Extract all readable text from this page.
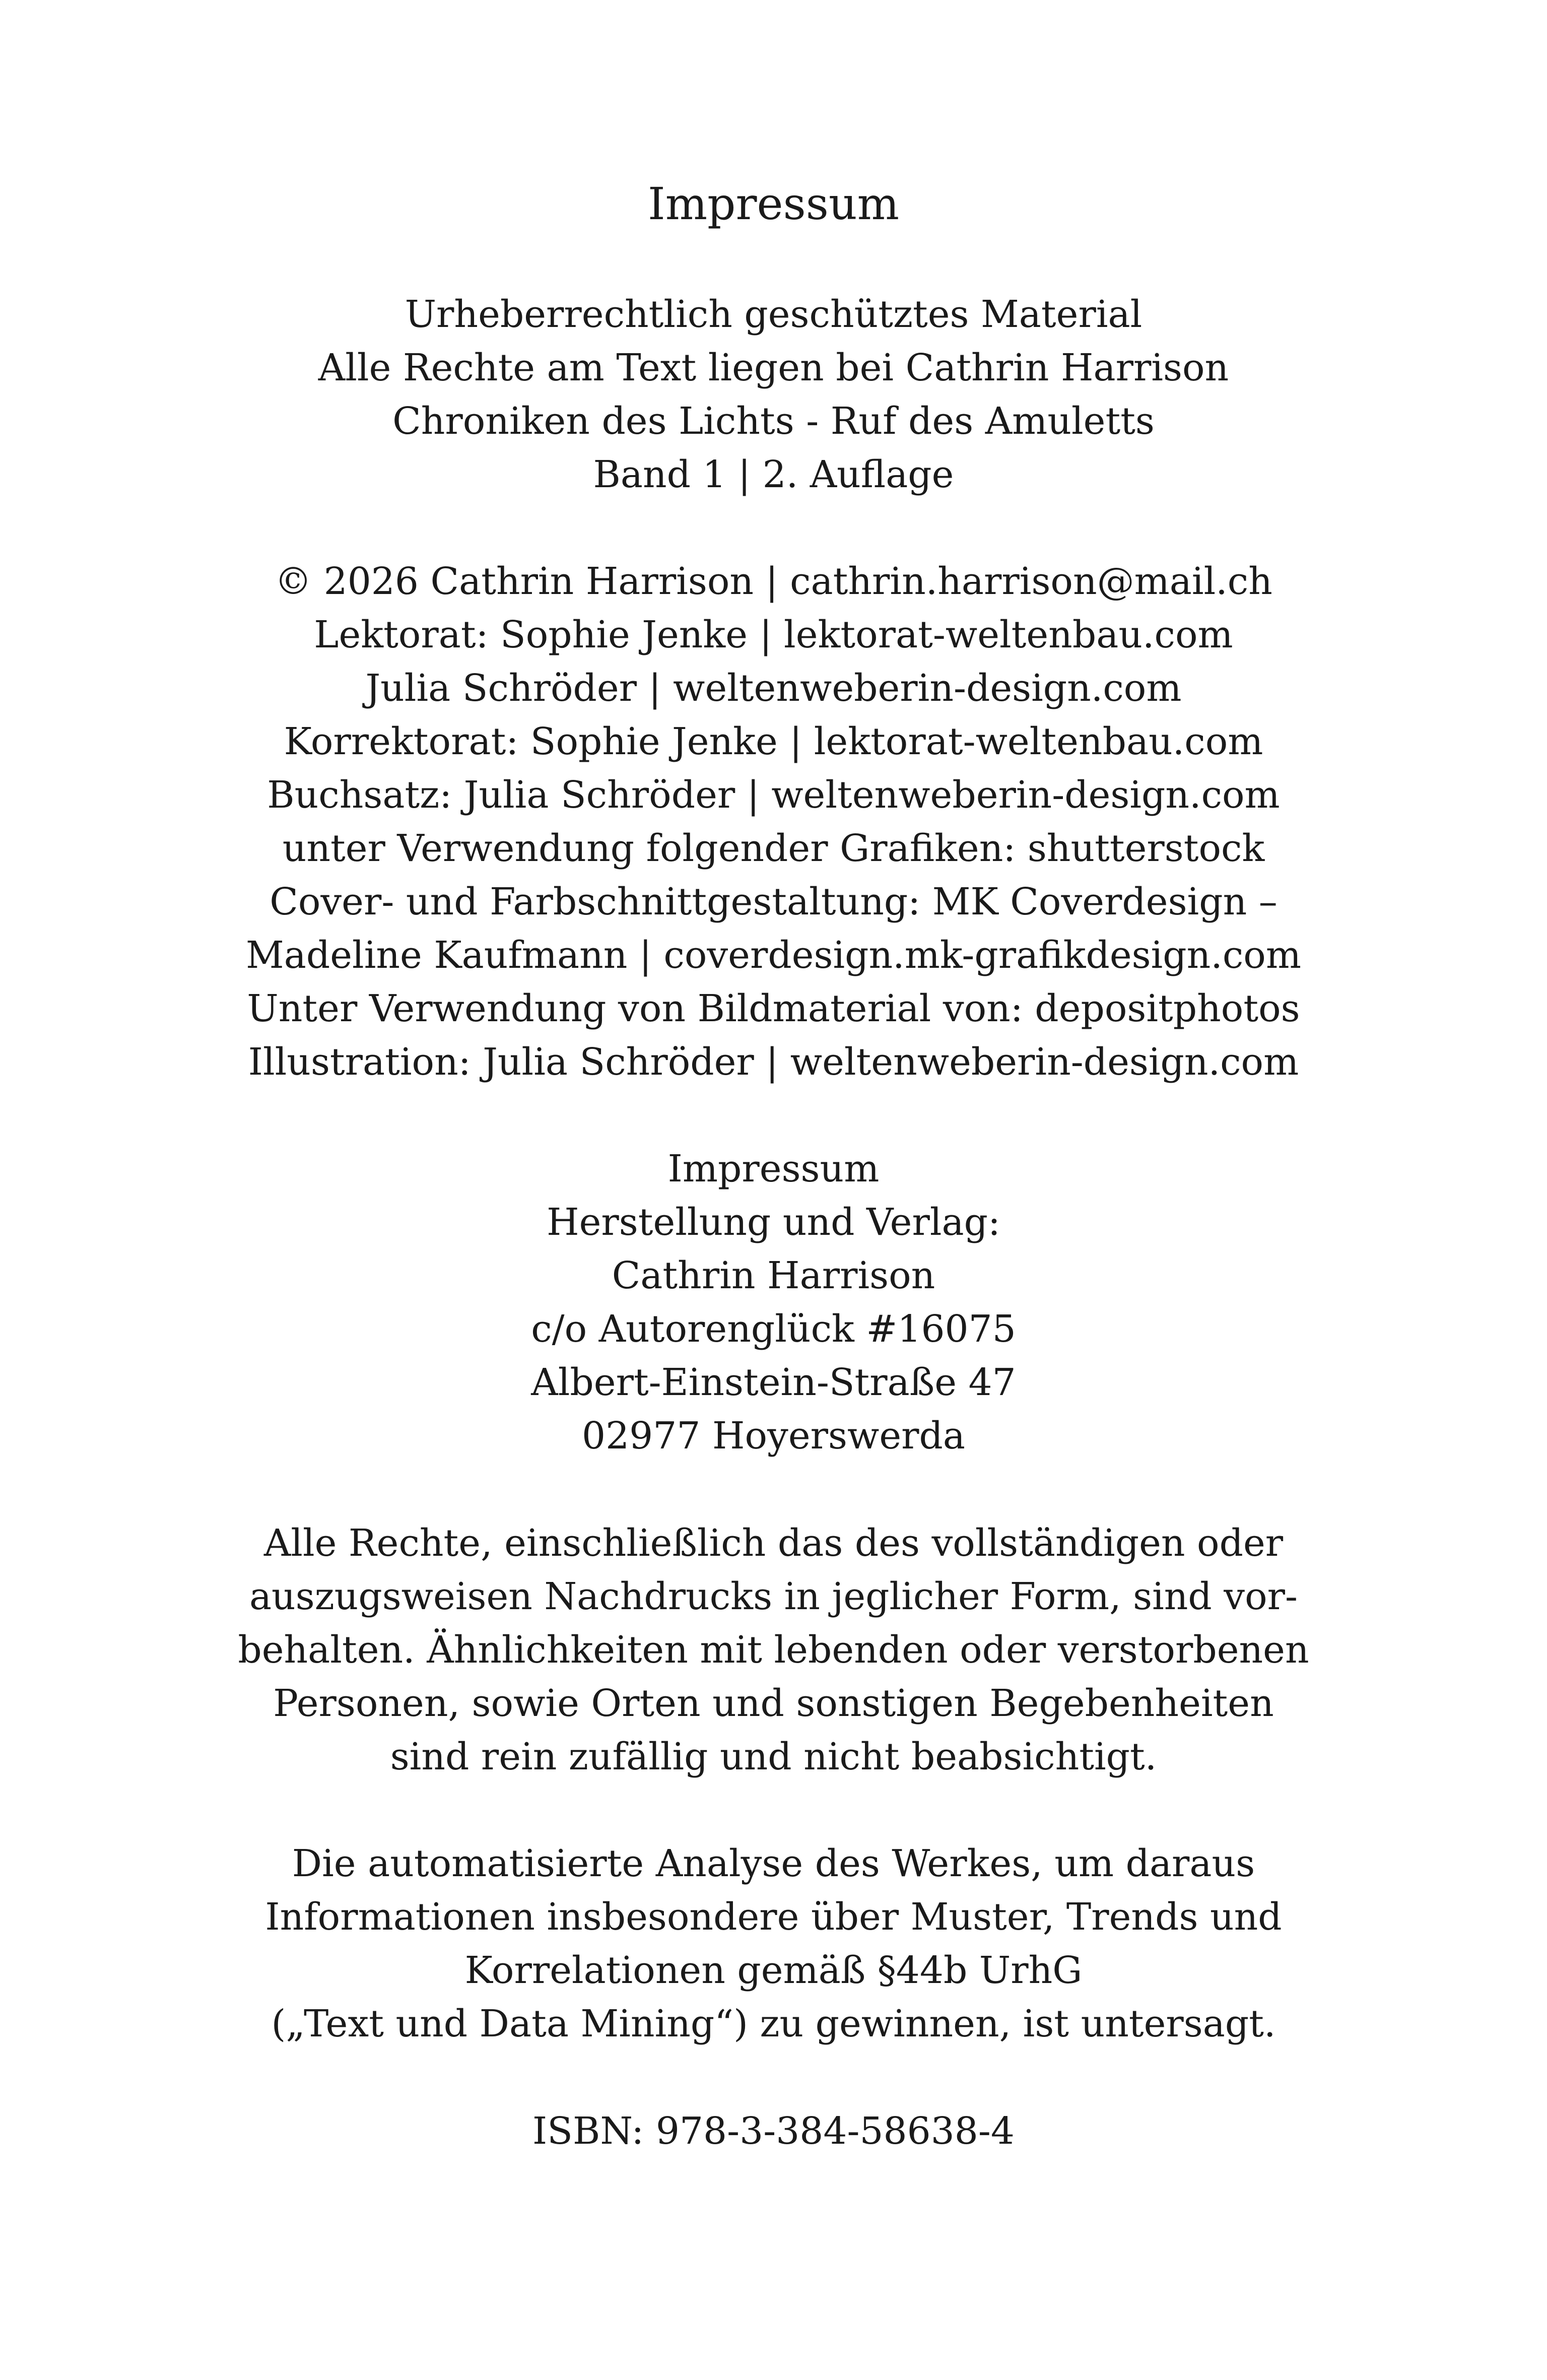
Impressum
Urheberrechtlich geschütztes Material
Alle Rechte am Text liegen bei Cathrin Harrison
Chroniken des Lichts - Ruf des Amuletts
Band 1 | 2. Auflage
© 2026 Cathrin Harrison | cathrin.harrison@mail.ch
Lektorat: Sophie Jenke | lektorat-weltenbau.com
Julia Schröder | weltenweberin-design.com
Korrektorat: Sophie Jenke | lektorat-weltenbau.com
Buchsatz: Julia Schröder | weltenweberin-design.com
unter Verwendung folgender Grafiken: shutterstock
Cover- und Farbschnittgestaltung: MK Coverdesign –
Madeline Kaufmann | coverdesign.mk-grafikdesign.com
Unter Verwendung von Bildmaterial von: depositphotos
Illustration: Julia Schröder | weltenweberin-design.com
Impressum
Herstellung und Verlag:
Cathrin Harrison
c/o Autorenglück #16075
Albert-Einstein-Straße 47
02977 Hoyerswerda
Alle Rechte, einschließlich das des vollständigen oder
auszugsweisen Nachdrucks in jeglicher Form, sind vor-
behalten. Ähnlichkeiten mit lebenden oder verstorbenen
Personen, sowie Orten und sonstigen Begebenheiten
sind rein zufällig und nicht beabsichtigt.
Die automatisierte Analyse des Werkes, um daraus
Informationen insbesondere über Muster, Trends und
Korrelationen gemäß §44b UrhG
(„Text und Data Mining“) zu gewinnen, ist untersagt.
ISBN: 978-3-384-58638-4
